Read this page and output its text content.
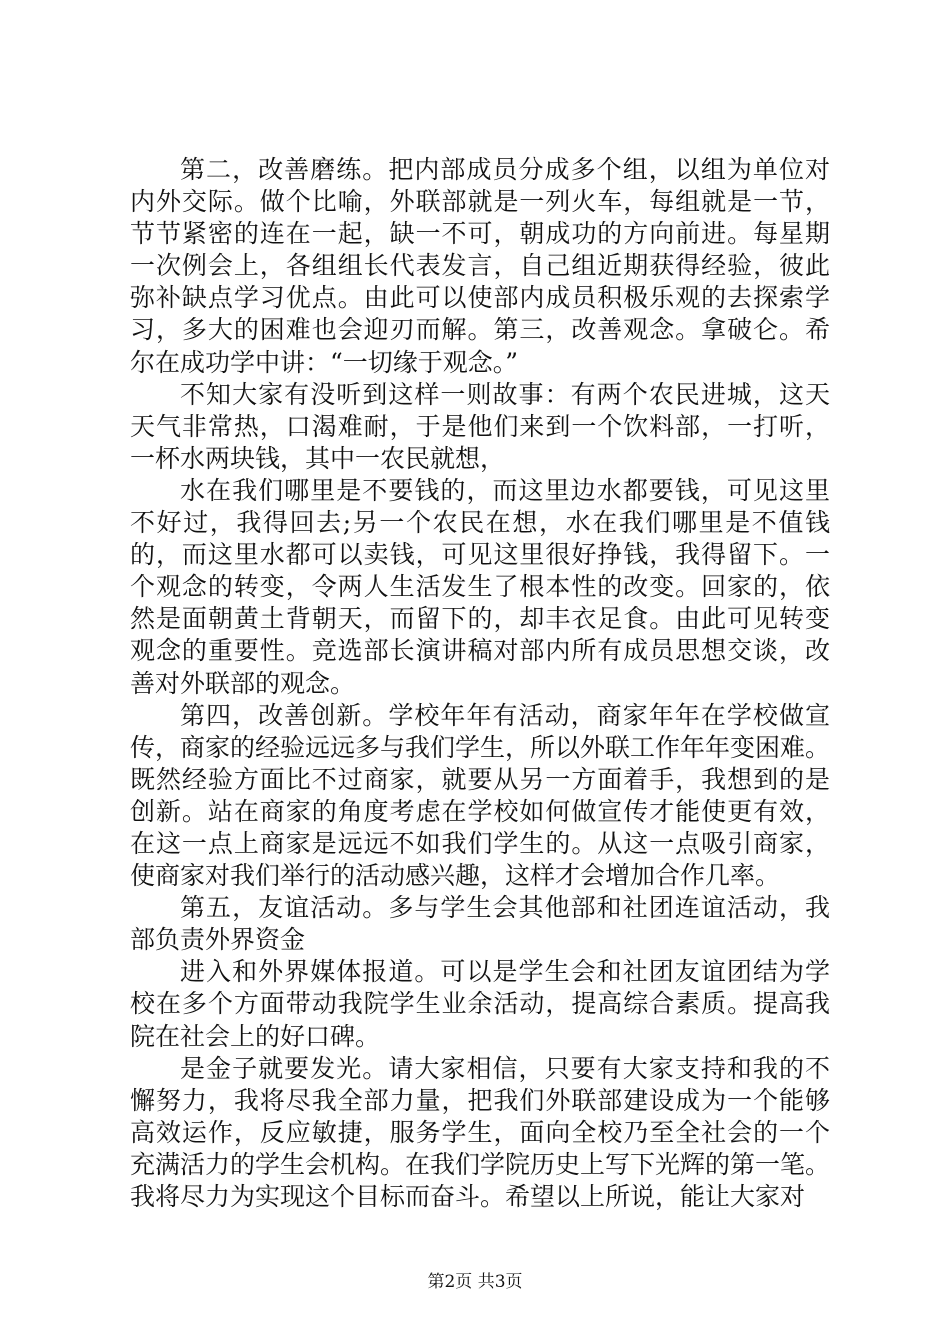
第二，改善磨练。把内部成员分成多个组，以组为单位对内外交际。做个比喻，外联部就是一列火车，每组就是一节，节节紧密的连在一起，缺一不可，朝成功的方向前进。每星期一次例会上，各组组长代表发言，自己组近期获得经验，彼此弥补缺点学习优点。由此可以使部内成员积极乐观的去探索学习，多大的困难也会迎刃而解。第三，改善观念。拿破仑。希尔在成功学中讲：“一切缘于观念。”

不知大家有没听到这样一则故事：有两个农民进城，这天天气非常热，口渴难耐，于是他们来到一个饮料部，一打听，一杯水两块钱，其中一农民就想，

水在我们哪里是不要钱的，而这里边水都要钱，可见这里不好过，我得回去;另一个农民在想，水在我们哪里是不值钱的，而这里水都可以卖钱，可见这里很好挣钱，我得留下。一个观念的转变，令两人生活发生了根本性的改变。回家的，依然是面朝黄土背朝天，而留下的，却丰衣足食。由此可见转变观念的重要性。竞选部长演讲稿对部内所有成员思想交谈，改善对外联部的观念。

第四，改善创新。学校年年有活动，商家年年在学校做宣传，商家的经验远远多与我们学生，所以外联工作年年变困难。既然经验方面比不过商家，就要从另一方面着手，我想到的是创新。站在商家的角度考虑在学校如何做宣传才能使更有效，在这一点上商家是远远不如我们学生的。从这一点吸引商家，使商家对我们举行的活动感兴趣，这样才会增加合作几率。

第五，友谊活动。多与学生会其他部和社团连谊活动，我部负责外界资金

进入和外界媒体报道。可以是学生会和社团友谊团结为学校在多个方面带动我院学生业余活动，提高综合素质。提高我院在社会上的好口碑。

是金子就要发光。请大家相信，只要有大家支持和我的不懈努力，我将尽我全部力量，把我们外联部建设成为一个能够高效运作，反应敏捷，服务学生，面向全校乃至全社会的一个充满活力的学生会机构。在我们学院历史上写下光辉的第一笔。我将尽力为实现这个目标而奋斗。希望以上所说，能让大家对

第2页 共3页
